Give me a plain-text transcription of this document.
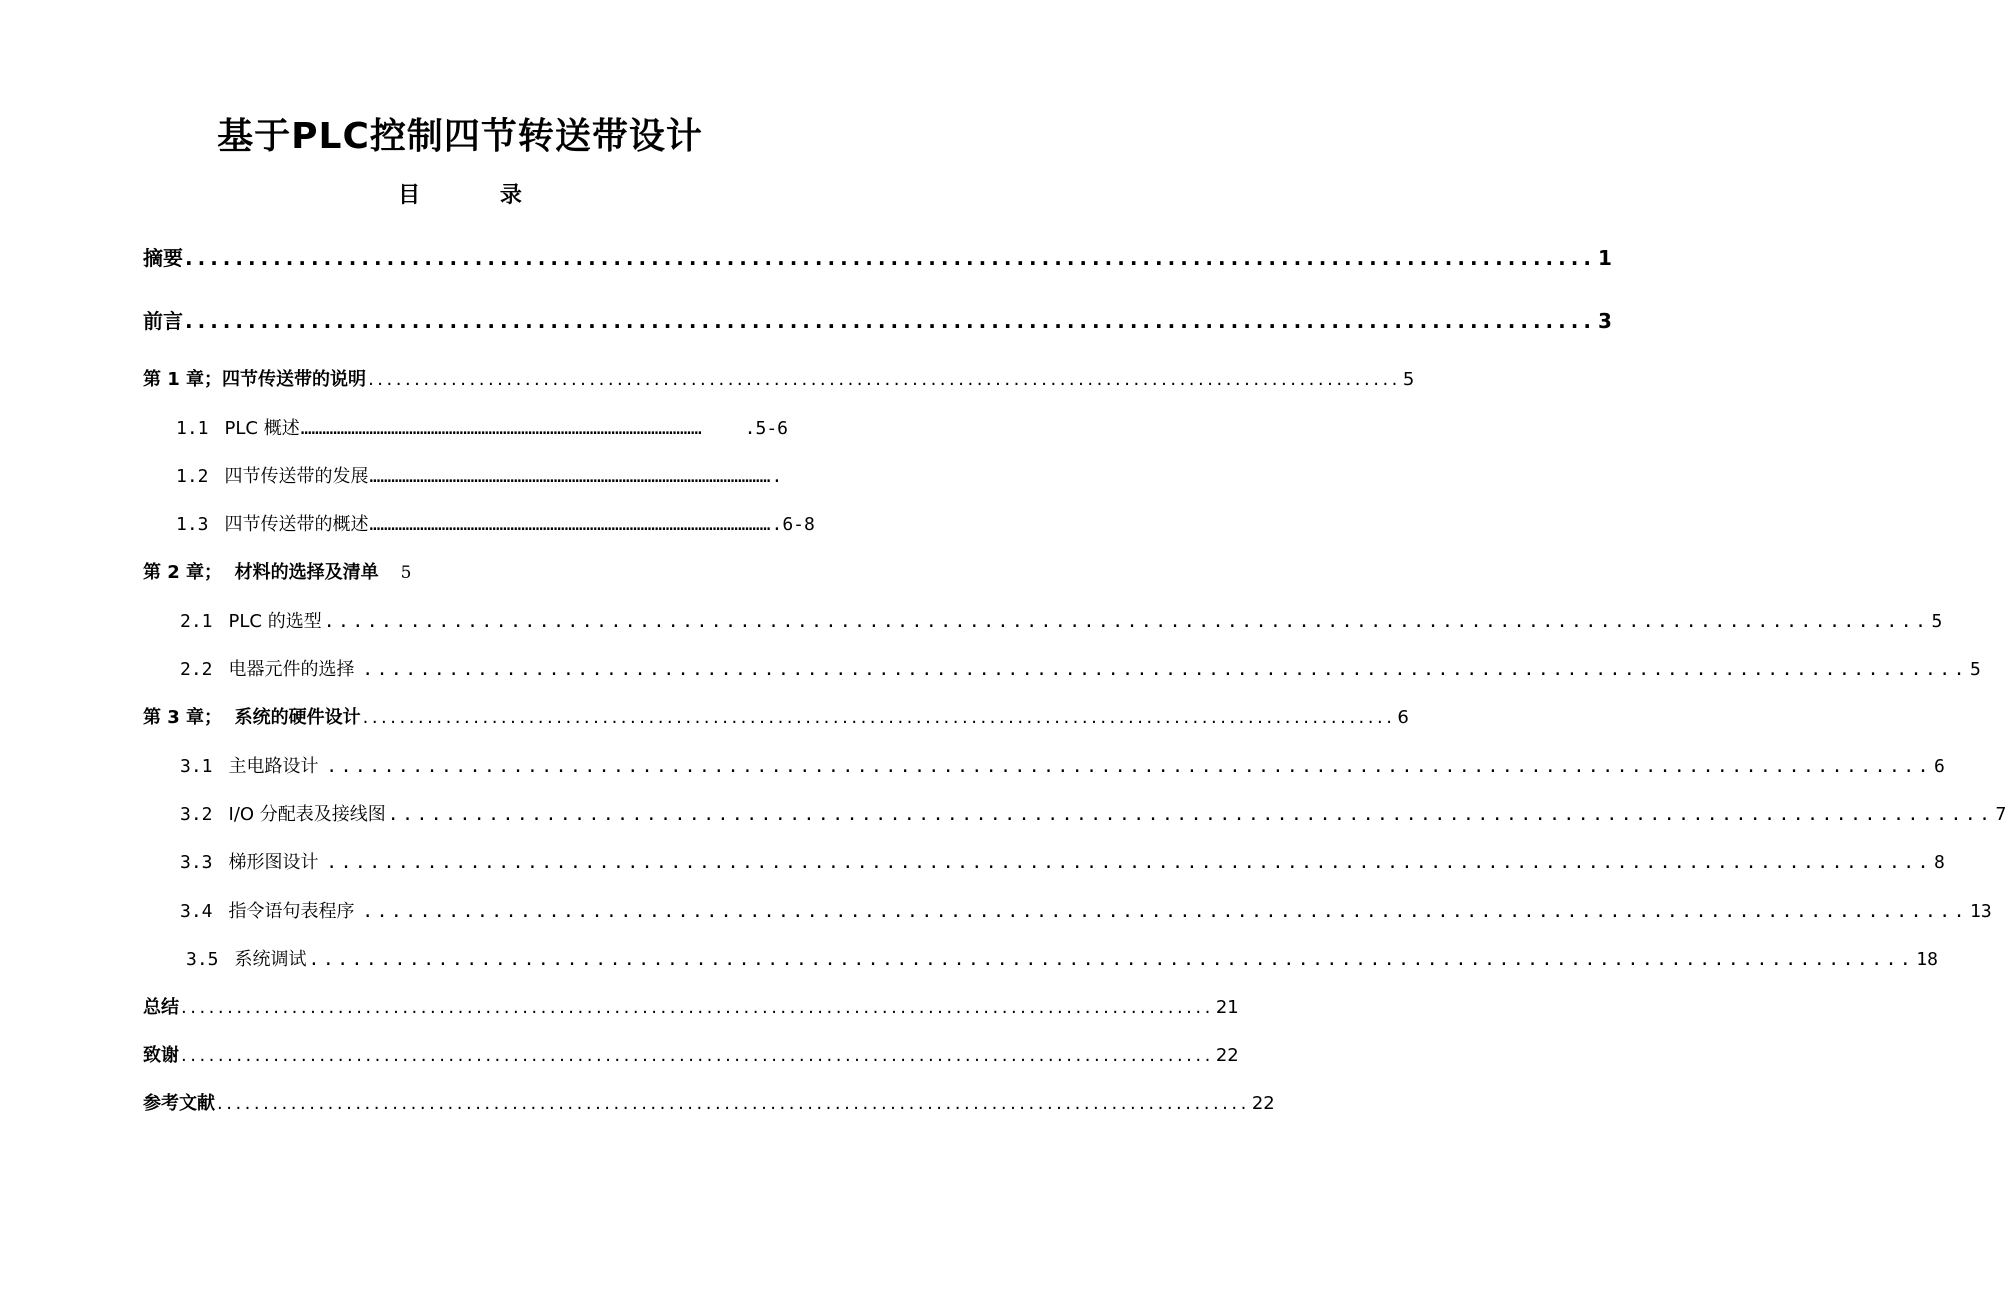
基于PLC控制四节转送带设计
目	录
摘要 ................................................................................................................ 1
前言 ................................................................................................................ 3
第 1 章；四节传送带的说明 ................................................................................................................ 5
1.1 PLC 概述 …………………………………………………………………………………………………	.5-6
1.2 四节传送带的发展 ………………………………………………………………………………………………… .
1.3 四节传送带的概述 ………………………………………………………………………………………………… .6-8
第 2 章；  材料的选择及清单 5
2.1 PLC 的选型 ................................................................................................................ 5
2.2 电器元件的选择 ................................................................................................................ 5
第 3 章；  系统的硬件设计 ................................................................................................................ 6
3.1 主电路设计 ................................................................................................................ 6
3.2 I/O 分配表及接线图 ................................................................................................................ 7
3.3 梯形图设计 ................................................................................................................ 8
3.4 指令语句表程序 ................................................................................................................ 13
3.5 系统调试 ................................................................................................................ 18
总结 ................................................................................................................ 21
致谢 ................................................................................................................ 22
参考文献 ................................................................................................................ 22
